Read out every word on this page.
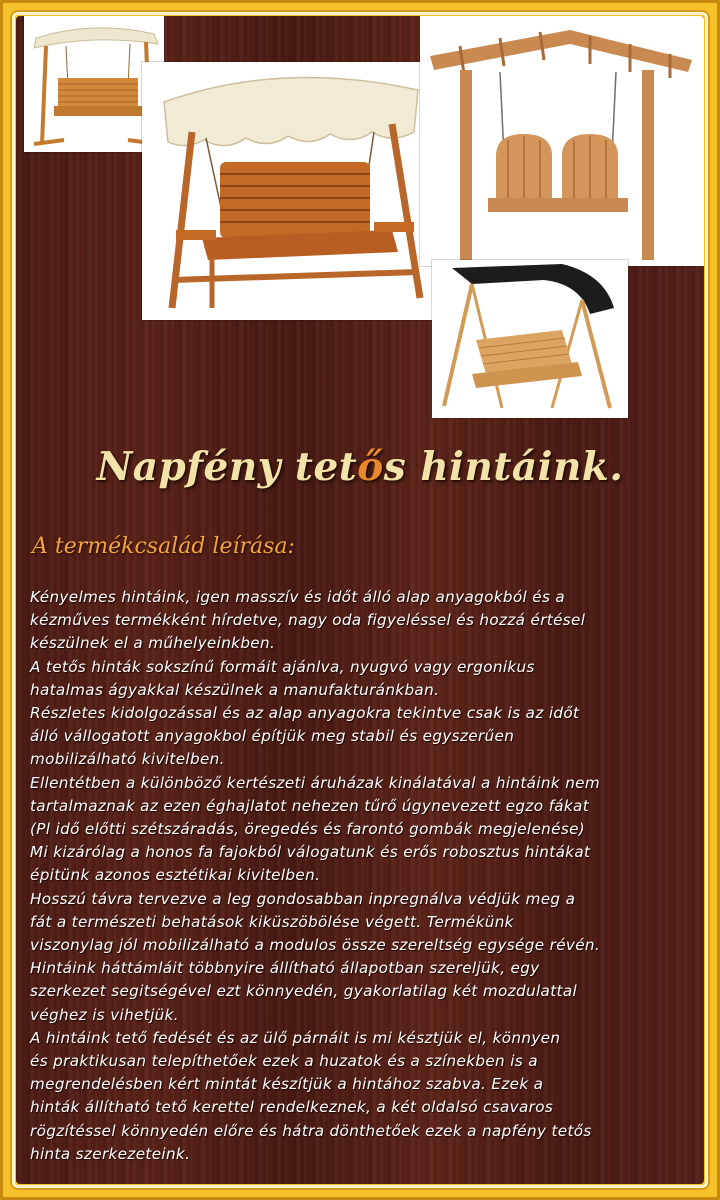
Napfény tetős hintáink.
A termékcsalád leírása:

Kényelmes hintáink, igen masszív és időt álló alap anyagokból és a

kézműves termékként hírdetve, nagy oda figyeléssel és hozzá értésel

készülnek el a műhelyeinkben.

A tetős hinták sokszínű formáit ajánlva, nyugvó vagy ergonikus

hatalmas ágyakkal készülnek a manufakturánkban.

Részletes kidolgozással és az alap anyagokra tekintve csak is az időt

álló vállogatott anyagokbol építjük meg stabil és egyszerűen

mobilizálható kivitelben.

Ellentétben a különböző kertészeti áruházak kinálatával a hintáink nem

tartalmaznak az ezen éghajlatot nehezen tűrő úgynevezett egzo fákat

(Pl idő előtti szétszáradás, öregedés és farontó gombák megjelenése)

Mi kizárólag a honos fa fajokból válogatunk és erős robosztus hintákat

épitünk azonos esztétikai kivitelben.

Hosszú távra tervezve a leg gondosabban inpregnálva védjük meg a

fát a természeti behatások kiküszöbölése végett. Termékünk

viszonylag jól mobilizálható a modulos össze szereltség egysége révén.

Hintáink háttámláit többnyire állítható állapotban szereljük, egy

szerkezet segitségével ezt könnyedén, gyakorlatilag két mozdulattal

véghez is vihetjük.

A hintáink tető fedését és az ülő párnáit is mi késztjük el, könnyen

és praktikusan telepíthetőek ezek a huzatok és a színekben is a

megrendelésben kért mintát készítjük a hintához szabva. Ezek a

hinták állítható tető kerettel rendelkeznek, a két oldalsó csavaros

rögzítéssel könnyedén előre és hátra dönthetőek ezek a napfény tetős

hinta szerkezeteink.
